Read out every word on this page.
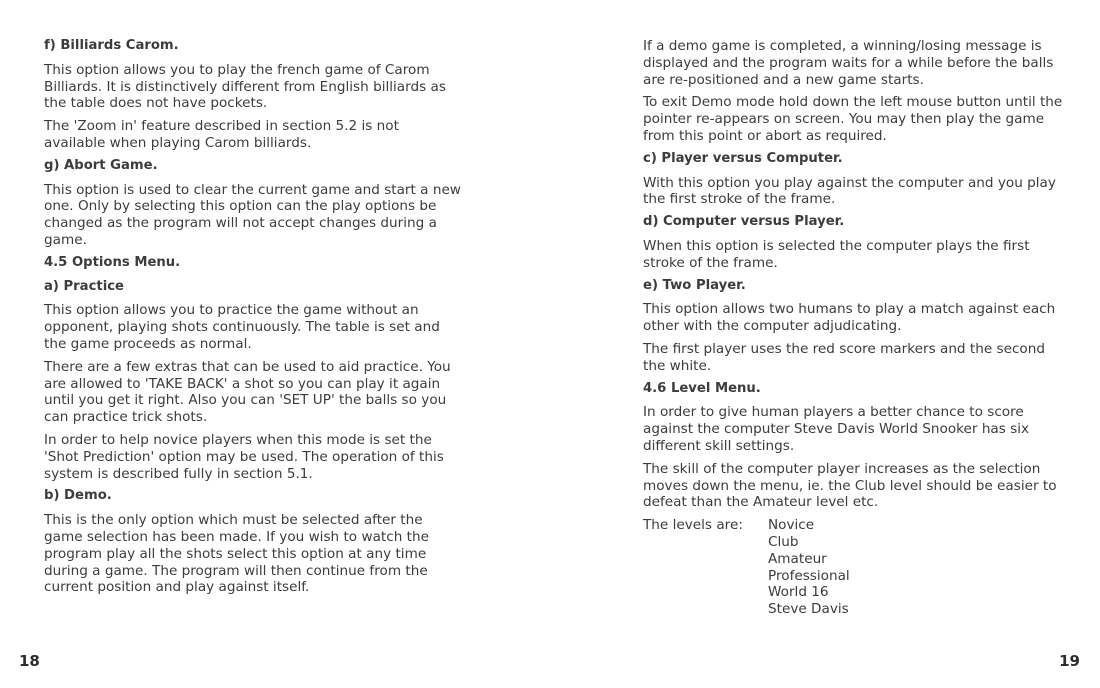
f) Billiards Carom.

This option allows you to play the french game of Carom Billiards. It is distinctively different from English billiards as the table does not have pockets.

The 'Zoom in' feature described in section 5.2 is not available when playing Carom billiards.

g) Abort Game.

This option is used to clear the current game and start a new one. Only by selecting this option can the play options be changed as the program will not accept changes during a game.

4.5 Options Menu.
a) Practice

This option allows you to practice the game without an opponent, playing shots continuously. The table is set and the game proceeds as normal.

There are a few extras that can be used to aid practice. You are allowed to 'TAKE BACK' a shot so you can play it again until you get it right. Also you can 'SET UP' the balls so you can practice trick shots.

In order to help novice players when this mode is set the 'Shot Prediction' option may be used. The operation of this system is described fully in section 5.1.

b) Demo.

This is the only option which must be selected after the game selection has been made. If you wish to watch the program play all the shots select this option at any time during a game. The program will then continue from the current position and play against itself.

18

If a demo game is completed, a winning/losing message is displayed and the program waits for a while before the balls are re-positioned and a new game starts.

To exit Demo mode hold down the left mouse button until the pointer re-appears on screen. You may then play the game from this point or abort as required.

c) Player versus Computer.

With this option you play against the computer and you play the first stroke of the frame.

d) Computer versus Player.

When this option is selected the computer plays the first stroke of the frame.

e) Two Player.

This option allows two humans to play a match against each other with the computer adjudicating.

The first player uses the red score markers and the second the white.

4.6 Level Menu.

In order to give human players a better chance to score against the computer Steve Davis World Snooker has six different skill settings.

The skill of the computer player increases as the selection moves down the menu, ie. the Club level should be easier to defeat than the Amateur level etc.

The levels are:	Novice
Club
Amateur
Professional
World 16
Steve Davis
19
